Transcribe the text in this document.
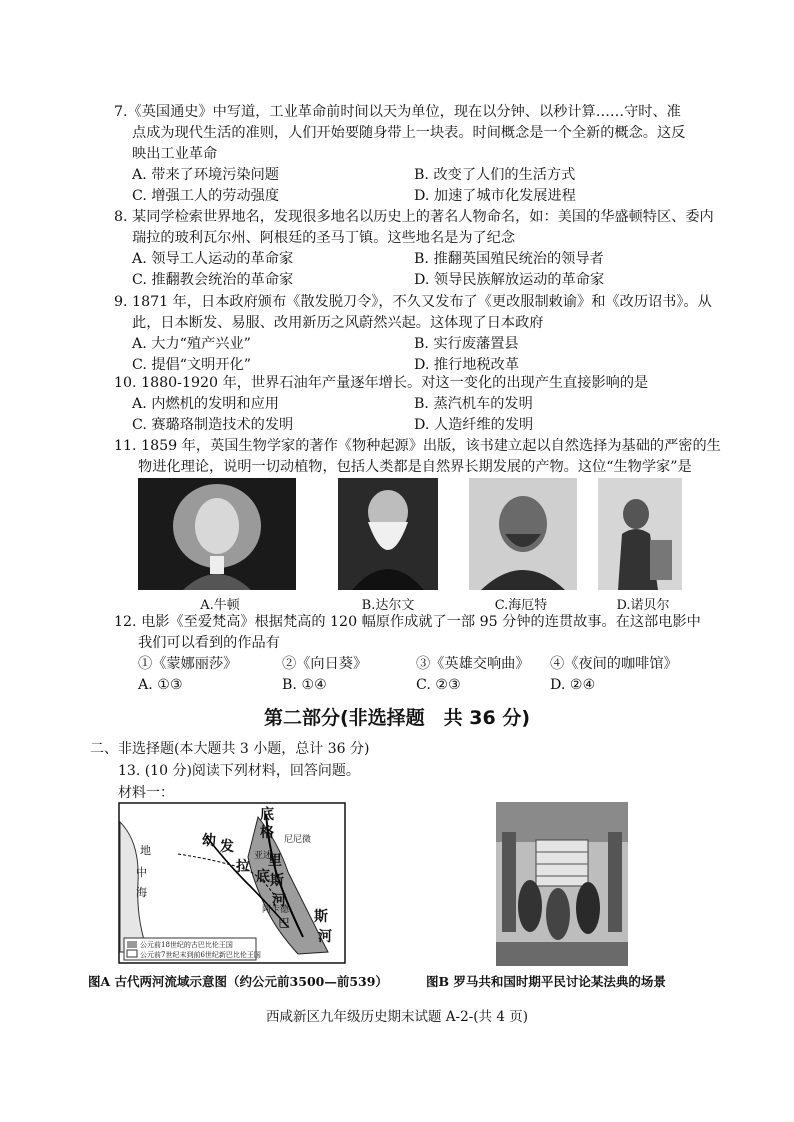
7.《英国通史》中写道，工业革命前时间以天为单位，现在以分钟、以秒计算……守时、准

点成为现代生活的准则，人们开始要随身带上一块表。时间概念是一个全新的概念。这反

映出工业革命

A. 带来了环境污染问题	B. 改变了人们的生活方式
C. 增强工人的劳动强度	D. 加速了城市化发展进程

8. 某同学检索世界地名，发现很多地名以历史上的著名人物命名，如：美国的华盛顿特区、委内

瑞拉的玻利瓦尔州、阿根廷的圣马丁镇。这些地名是为了纪念

A. 领导工人运动的革命家	B. 推翻英国殖民统治的领导者
C. 推翻教会统治的革命家	D. 领导民族解放运动的革命家

9. 1871 年，日本政府颁布《散发脱刀令》，不久又发布了《更改服制敕谕》和《改历诏书》。从

此，日本断发、易服、改用新历之风蔚然兴起。这体现了日本政府

A. 大力“殖产兴业”	B. 实行废藩置县
C. 提倡“文明开化”	D. 推行地税改革

10. 1880-1920 年，世界石油年产量逐年增长。对这一变化的出现产生直接影响的是

A. 内燃机的发明和应用	B. 蒸汽机车的发明
C. 赛璐珞制造技术的发明	D. 人造纤维的发明

11. 1859 年，英国生物学家的著作《物种起源》出版，该书建立起以自然选择为基础的严密的生

物进化理论，说明一切动植物，包括人类都是自然界长期发展的产物。这位“生物学家”是

A.牛顿	B.达尔文	C.海厄特	D.诺贝尔

12. 电影《至爱梵高》根据梵高的 120 幅原作成就了一部 95 分钟的连贯故事。在这部电影中

我们可以看到的作品有

①《蒙娜丽莎》	②《向日葵》	③《英雄交响曲》	④《夜间的咖啡馆》
A. ①③	B. ①④	C. ②③	D. ②④
第二部分(非选择题　共 36 分)
二、非选择题(本大题共 3 小题，总计 36 分)
13. (10 分)阅读下列材料，回答问题。
材料一：
底
格
里
斯
河
幼 发
拉
底
河
地
中
海
尼尼微
亚述
阿卡德
巴 斯
公元前18世纪的古巴比伦王国
公元前7世纪末到前6世纪新巴比伦王国
图A 古代两河流域示意图（约公元前3500—前539）	图B 罗马共和国时期平民讨论某法典的场景
西咸新区九年级历史期末试题 A-2-(共 4 页)
